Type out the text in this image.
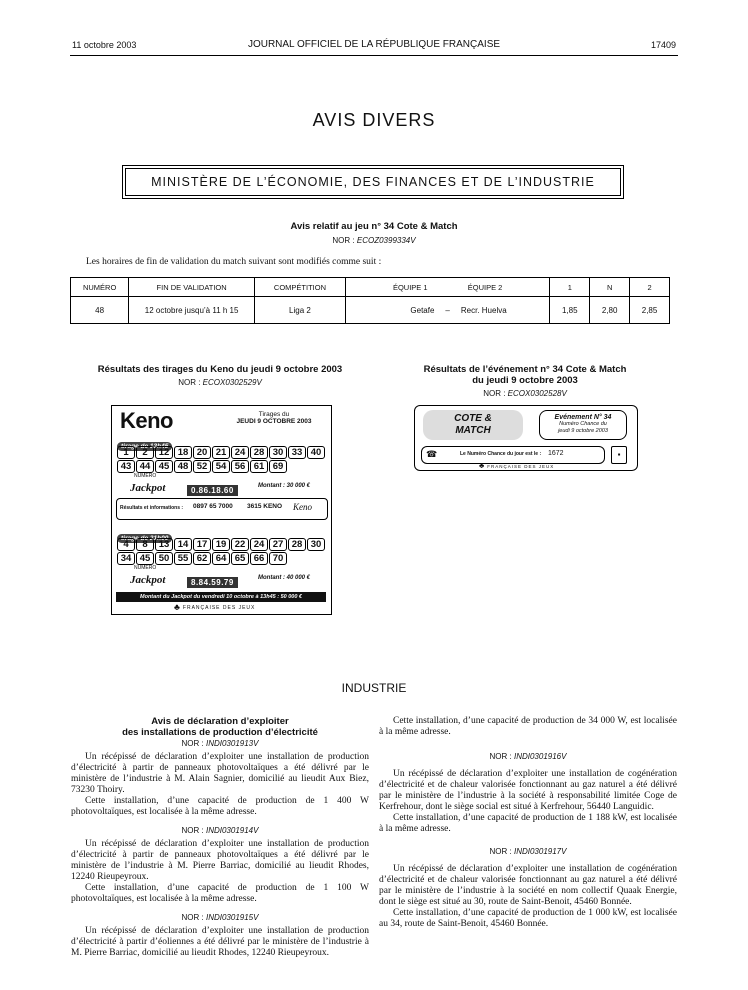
11 octobre 2003	JOURNAL OFFICIEL DE LA RÉPUBLIQUE FRANÇAISE	17409
AVIS DIVERS
MINISTÈRE DE L’ÉCONOMIE, DES FINANCES ET DE L’INDUSTRIE
Avis relatif au jeu n° 34 Cote & Match
NOR : ECOZ0399334V
Les horaires de fin de validation du match suivant sont modifiés comme suit :
NUMÉRO	FIN DE VALIDATION	COMPÉTITION	ÉQUIPE 1 ÉQUIPE 2	1	N	2
48	12 octobre jusqu’à 11 h 15	Liga 2	Getafe – Recr. Huelva	1,85	2,80	2,85
Résultats des tirages du Keno du jeudi 9 octobre 2003
NOR : ECOX0302529V
Keno	Tirages du
JEUDI 9 OCTOBRE 2003
tirage de 13h45
1	2	12 18 20 21 24 28 30 33 40
43 44 45 48 52 54 56 61 69
NUMÉRO
Jackpot	0.86.18.60	Montant : 30 000 €
Résultats et informations : 0897 65 7000 3615 KENO Keno
tirage de 21h00
4	8	13 14 17 19 22 24 27 28 30
34 45 50 55 62 64 65 66 70
NUMÉRO
Jackpot	8.84.59.79	Montant : 40 000 €
Montant du Jackpot du vendredi 10 octobre à 13h45 : 50 000 €
♣ FRANÇAISE DES JEUX
Résultats de l’événement n° 34 Cote & Match
du jeudi 9 octobre 2003
NOR : ECOX0302528V
COTE &
MATCH
Evénement N° 34
Numéro Chance du
jeudi 9 octobre 2003
☎	Le Numéro Chance du jour est le : 1672	▪
♣ FRANÇAISE DES JEUX
INDUSTRIE
Avis de déclaration d’exploiter
des installations de production d’électricité
NOR : INDI0301913V
Un récépissé de déclaration d’exploiter une installation de production d’électricité à partir de panneaux photovoltaïques a été délivré par le ministère de l’industrie à M. Alain Sagnier, domicilié au lieudit Aux Biez, 73230 Thoiry.
Cette installation, d’une capacité de production de 1 400 W photovoltaïques, est localisée à la même adresse.
NOR : INDI0301914V
Un récépissé de déclaration d’exploiter une installation de production d’électricité à partir de panneaux photovoltaïques a été délivré par le ministère de l’industrie à M. Pierre Barriac, domicilié au lieudit Rhodes, 12240 Rieupeyroux.
Cette installation, d’une capacité de production de 1 100 W photovoltaïques, est localisée à la même adresse.
NOR : INDI0301915V
Un récépissé de déclaration d’exploiter une installation de production d’électricité à partir d’éoliennes a été délivré par le ministère de l’industrie à M. Pierre Barriac, domicilié au lieudit Rhodes, 12240 Rieupeyroux.
Cette installation, d’une capacité de production de 34 000 W, est localisée à la même adresse.
NOR : INDI0301916V
Un récépissé de déclaration d’exploiter une installation de cogénération d’électricité et de chaleur valorisée fonctionnant au gaz naturel a été délivré par le ministère de l’industrie à la société à responsabilité limitée Coge de Kerfrehour, dont le siège social est situé à Kerfrehour, 56440 Languidic.
Cette installation, d’une capacité de production de 1 188 kW, est localisée à la même adresse.
NOR : INDI0301917V
Un récépissé de déclaration d’exploiter une installation de cogénération d’électricité et de chaleur valorisée fonctionnant au gaz naturel a été délivré par le ministère de l’industrie à la société en nom collectif Quaak Energie, dont le siège est situé au 30, route de Saint-Benoit, 45460 Bonnée.
Cette installation, d’une capacité de production de 1 000 kW, est localisée au 34, route de Saint-Benoit, 45460 Bonnée.
